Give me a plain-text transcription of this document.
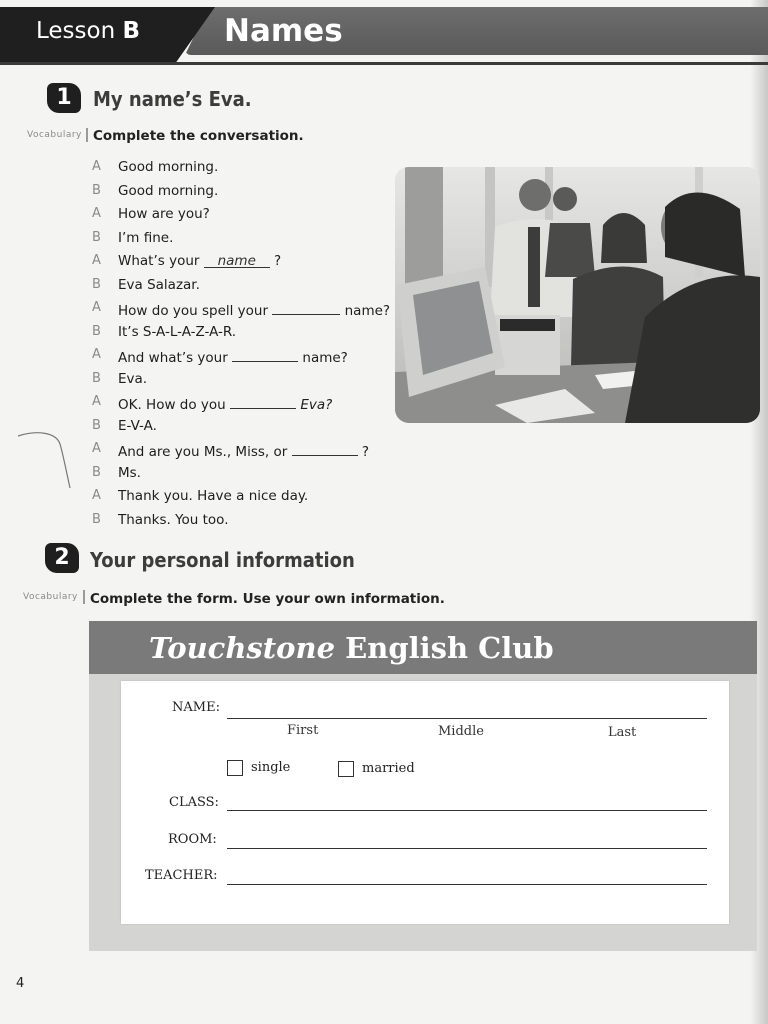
Lesson B	Names
1	My name’s Eva.
Vocabulary Complete the conversation.
A	Good morning.
B	Good morning.
A	How are you?
B	I’m fine.
A	What’s your name ?
B	Eva Salazar.
A	How do you spell your	name?
B	It’s S-A-L-A-Z-A-R.
A	And what’s your	name?
B	Eva.
A	OK. How do you	Eva?
B	E-V-A.
A	And are you Ms., Miss, or	?
B	Ms.
A	Thank you. Have a nice day.
B	Thanks. You too.
2	Your personal information
Vocabulary Complete the form. Use your own information.
Touchstone English Club
NAME:
First	Middle	Last
single	married
CLASS:
ROOM:
TEACHER:
4
